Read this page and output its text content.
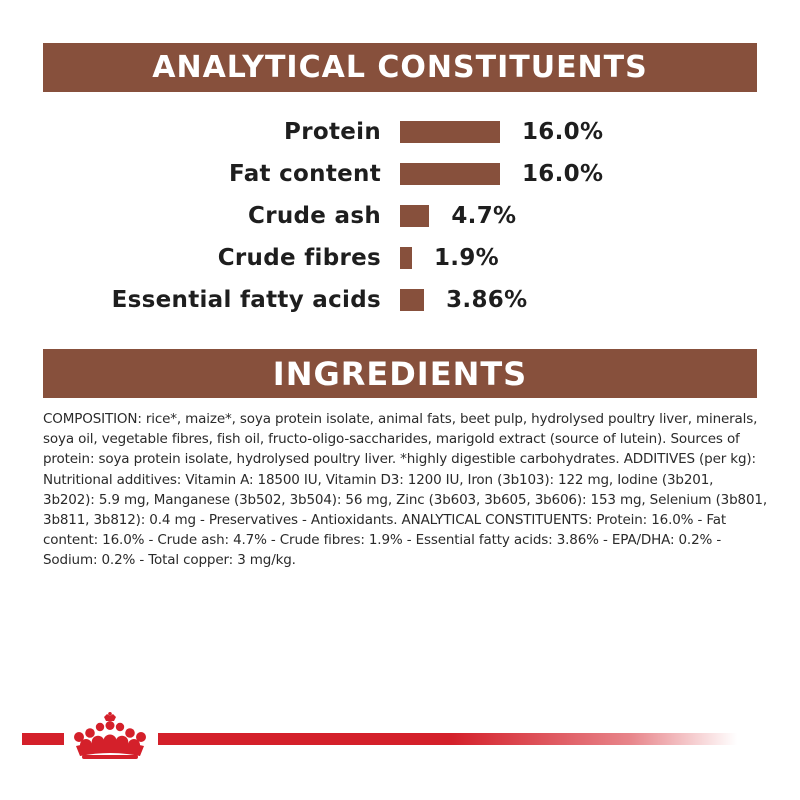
ANALYTICAL CONSTITUENTS
Protein	16.0%
Fat content	16.0%
Crude ash	4.7%
Crude fibres 1.9%
Essential fatty acids	3.86%
INGREDIENTS

COMPOSITION: rice*, maize*, soya protein isolate, animal fats, beet pulp, hydrolysed poultry liver, minerals, soya oil, vegetable fibres, fish oil, fructo-oligo-saccharides, marigold extract (source of lutein). Sources of protein: soya protein isolate, hydrolysed poultry liver. *highly digestible carbohydrates. ADDITIVES (per kg): Nutritional additives: Vitamin A: 18500 IU, Vitamin D3: 1200 IU, Iron (3b103): 122 mg, Iodine (3b201, 3b202): 5.9 mg, Manganese (3b502, 3b504): 56 mg, Zinc (3b603, 3b605, 3b606): 153 mg, Selenium (3b801, 3b811, 3b812): 0.4 mg - Preservatives - Antioxidants. ANALYTICAL CONSTITUENTS: Protein: 16.0% - Fat content: 16.0% - Crude ash: 4.7% - Crude fibres: 1.9% - Essential fatty acids: 3.86% - EPA/DHA: 0.2% - Sodium: 0.2% - Total copper: 3 mg/kg.
